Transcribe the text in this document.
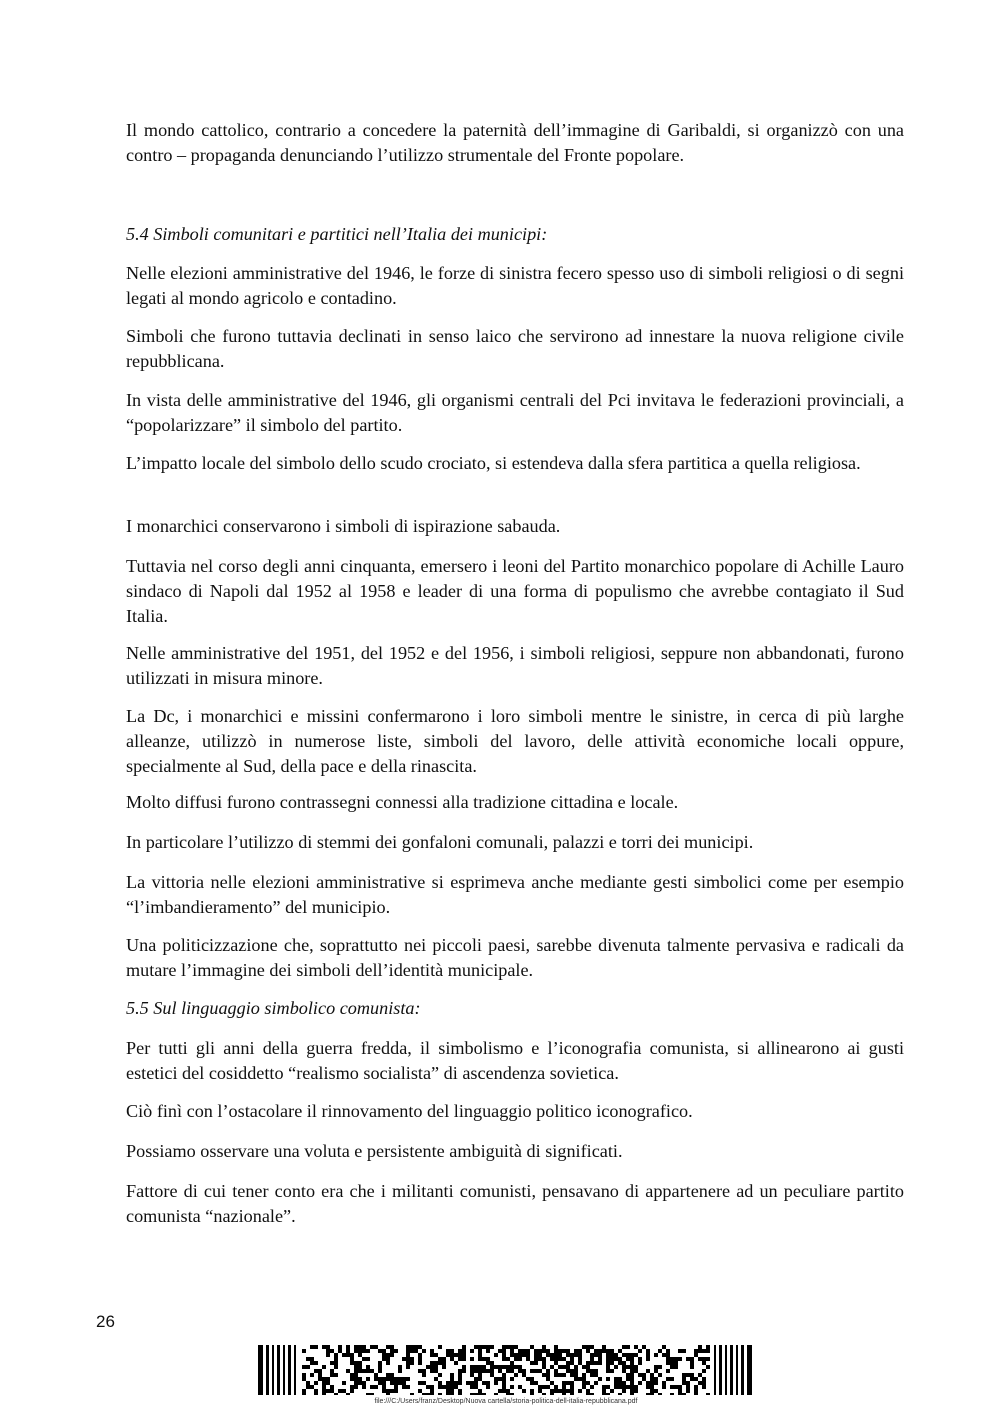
Il mondo cattolico, contrario a concedere la paternità dell’immagine di Garibaldi, si organizzò con una contro – propaganda denunciando l’utilizzo strumentale del Fronte popolare.

5.4 Simboli comunitari e partitici nell’Italia dei municipi:

Nelle elezioni amministrative del 1946, le forze di sinistra fecero spesso uso di simboli religiosi o di segni legati al mondo agricolo e contadino.

Simboli che furono tuttavia declinati in senso laico che servirono ad innestare la nuova religione civile repubblicana.

In vista delle amministrative del 1946, gli organismi centrali del Pci invitava le federazioni provinciali, a “popolarizzare” il simbolo del partito.

L’impatto locale del simbolo dello scudo crociato, si estendeva dalla sfera partitica a quella religiosa.

I monarchici conservarono i simboli di ispirazione sabauda.

Tuttavia nel corso degli anni cinquanta, emersero i leoni del Partito monarchico popolare di Achille Lauro sindaco di Napoli dal 1952 al 1958 e leader di una forma di populismo che avrebbe contagiato il Sud Italia.

Nelle amministrative del 1951, del 1952 e del 1956, i simboli religiosi, seppure non abbandonati, furono utilizzati in misura minore.

La Dc, i monarchici e missini confermarono i loro simboli mentre le sinistre, in cerca di più larghe alleanze, utilizzò in numerose liste, simboli del lavoro, delle attività economiche locali oppure, specialmente al Sud, della pace e della rinascita.

Molto diffusi furono contrassegni connessi alla tradizione cittadina e locale.

In particolare l’utilizzo di stemmi dei gonfaloni comunali, palazzi e torri dei municipi.

La vittoria nelle elezioni amministrative si esprimeva anche mediante gesti simbolici come per esempio “l’imbandieramento” del municipio.

Una politicizzazione che, soprattutto nei piccoli paesi, sarebbe divenuta talmente pervasiva e radicali da mutare l’immagine dei simboli dell’identità municipale.

5.5 Sul linguaggio simbolico comunista:

Per tutti gli anni della guerra fredda, il simbolismo e l’iconografia comunista, si allinearono ai gusti estetici del cosiddetto “realismo socialista” di ascendenza sovietica.

Ciò finì con l’ostacolare il rinnovamento del linguaggio politico iconografico.

Possiamo osservare una voluta e persistente ambiguità di significati.

Fattore di cui tener conto era che i militanti comunisti, pensavano di appartenere ad un peculiare partito comunista “nazionale”.

26
file:///C:/Users/franz/Desktop/Nuova cartella/storia-politica-dell-italia-repubblicana.pdf
